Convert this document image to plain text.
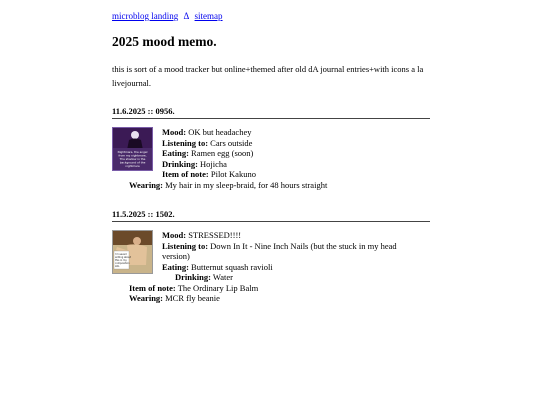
microblog landing Δ sitemap
2025 mood memo.

this is sort of a mood tracker but online+themed after old dA journal entries+with icons a la livejournal.

11.6.2025 :: 0956.
Nightmare, the angel
from my nightmare,
The shadow in the
background of the
nightmare
Mood: OK but headachey
Listening to: Cars outside
Eating: Ramen egg (soon)
Drinking: Hojicha
Item of note: Pilot Kakuno
Wearing: My hair in my sleep-braid, for 48 hours straight
11.5.2025 :: 1502.
i'm saved
writing about
this in my
composition
LOL
Mood: STRESSED!!!!
Listening to: Down In It - Nine Inch Nails (but the stuck in my head
version)
Eating: Butternut squash ravioli
Drinking: Water
Item of note: The Ordinary Lip Balm
Wearing: MCR fly beanie
